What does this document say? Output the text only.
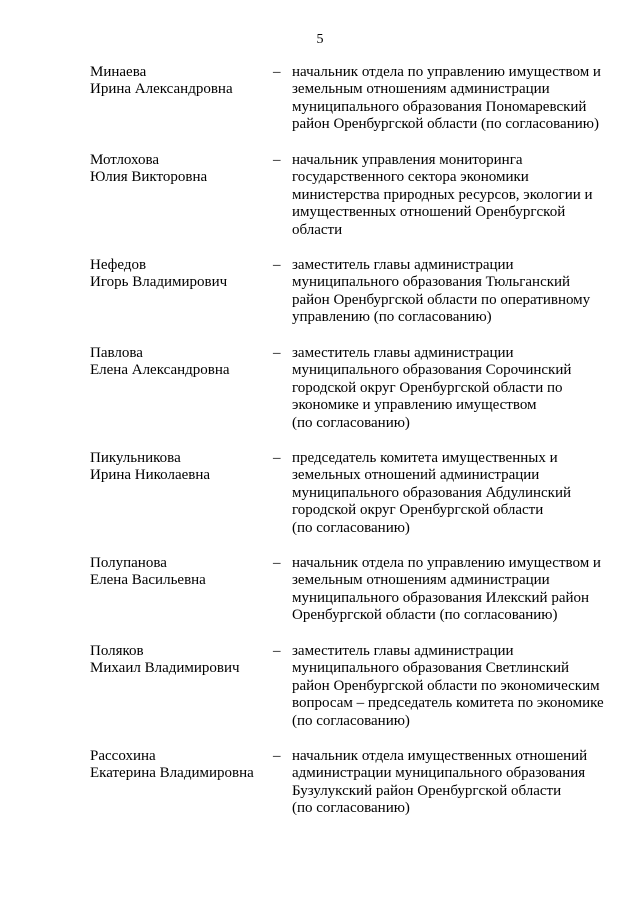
5
Минаева
Ирина Александровна
– начальник отдела по управлению имуществом и
земельным отношениям администрации
муниципального образования Пономаревский
район Оренбургской области (по согласованию)
Мотлохова
Юлия Викторовна
– начальник управления мониторинга
государственного сектора экономики
министерства природных ресурсов, экологии и
имущественных отношений Оренбургской
области
Нефедов
Игорь Владимирович
– заместитель главы администрации
муниципального образования Тюльганский
район Оренбургской области по оперативному
управлению (по согласованию)
Павлова
Елена Александровна
– заместитель главы администрации
муниципального образования Сорочинский
городской округ Оренбургской области по
экономике и управлению имуществом
(по согласованию)
Пикульникова
Ирина Николаевна
– председатель комитета имущественных и
земельных отношений администрации
муниципального образования Абдулинский
городской округ Оренбургской области
(по согласованию)
Полупанова
Елена Васильевна
– начальник отдела по управлению имуществом и
земельным отношениям администрации
муниципального образования Илекский район
Оренбургской области (по согласованию)
Поляков
Михаил Владимирович
– заместитель главы администрации
муниципального образования Светлинский
район Оренбургской области по экономическим
вопросам – председатель комитета по экономике
(по согласованию)
Рассохина
Екатерина Владимировна
– начальник отдела имущественных отношений
администрации муниципального образования
Бузулукский район Оренбургской области
(по согласованию)
